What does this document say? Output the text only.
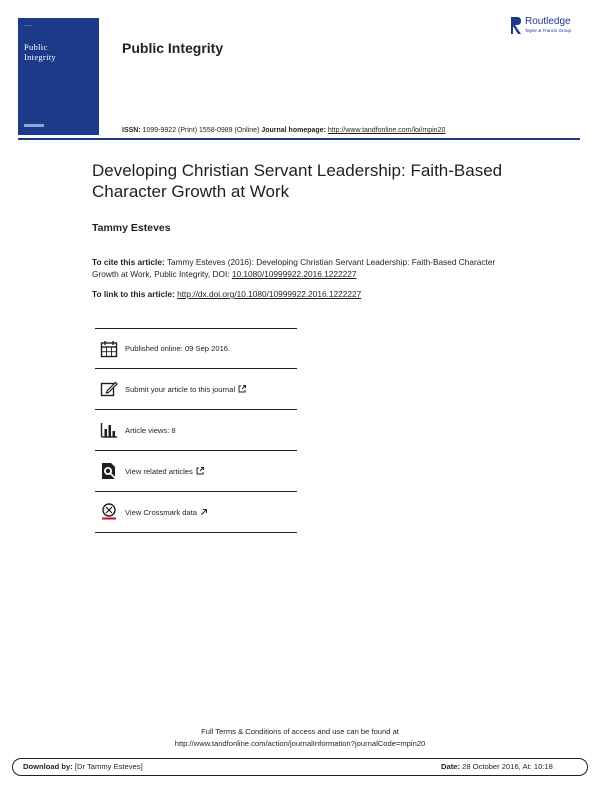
────
Public
Integrity
Public Integrity
Routledge
Taylor & Francis Group
ISSN: 1099-9922 (Print) 1558-0989 (Online) Journal homepage: http://www.tandfonline.com/loi/mpin20
Developing Christian Servant Leadership: Faith-Based Character Growth at Work
Tammy Esteves
To cite this article: Tammy Esteves (2016): Developing Christian Servant Leadership: Faith-Based Character Growth at Work, Public Integrity, DOI: 10.1080/10999922.2016.1222227
To link to this article: http://dx.doi.org/10.1080/10999922.2016.1222227
Published online: 09 Sep 2016.
Submit your article to this journal
Article views: 8
View related articles
View Crossmark data
Full Terms & Conditions of access and use can be found at
http://www.tandfonline.com/action/journalInformation?journalCode=mpin20
Download by: [Dr Tammy Esteves]	Date: 28 October 2016, At: 10:18
